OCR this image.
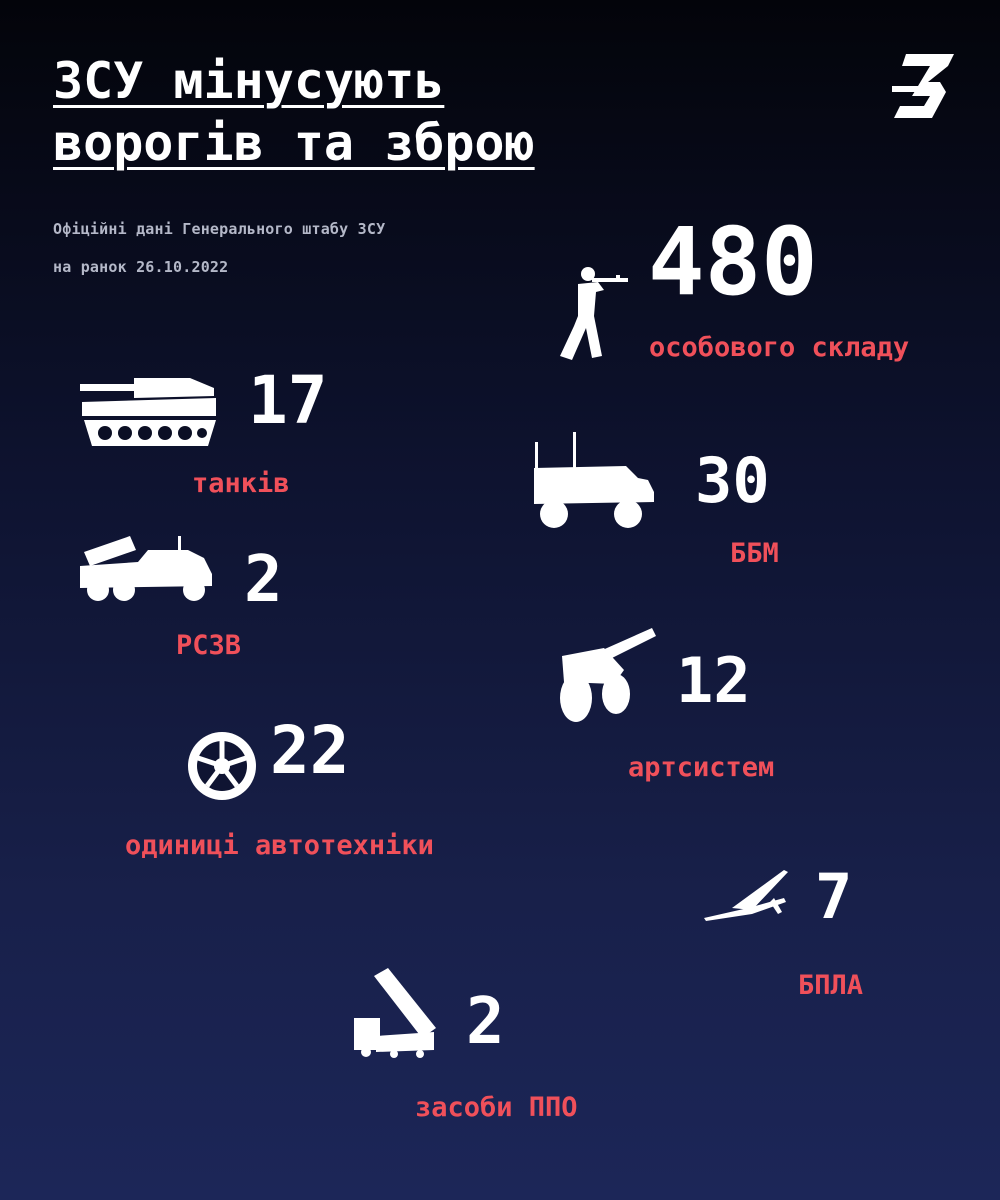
ЗСУ мінусують
ворогів та зброю
Офіційні дані Генерального штабу ЗСУ
на ранок 26.10.2022	480
особового складу
17
танків	30
ББМ
2
РСЗВ	12
артсистем
22
одиниці автотехніки
7
БПЛА
2
засоби ППО
